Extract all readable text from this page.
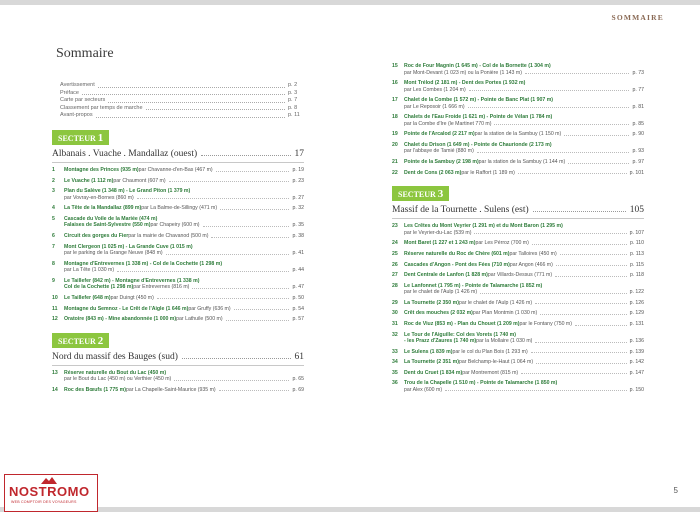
SOMMAIRE
Sommaire
Avertissement	p. 2
Préface	p. 3
Carte par secteurs	p. 7
Classement par temps de marche	p. 8
Avant-propos	p. 11
SECTEUR 1
Albanais . Vuache . Mandallaz (ouest)	17
1	Montagne des Princes (935 m) par Chavanne-d'en-Bas (467 m)	p. 19
2	Le Vuache (1 112 m) par Chaumont (607 m)	p. 23
3	Plan du Salève (1 348 m) - Le Grand Piton (1 379 m)
par Vovray-en-Bornes (860 m)	p. 27
4	La Tête de la Mandallaz (899 m) par La Balme-de-Sillingy (471 m)	p. 32
5	Cascade du Voile de la Mariée (474 m)
Falaises de Saint-Sylvestre (550 m) par Chapeiry (600 m)	p. 35
6	Circuit des gorges du Fier par la mairie de Chavanod (500 m)	p. 38
7	Mont Clergeon (1 025 m) - La Grande Cuve (1 015 m)
par le parking de la Grange Neuve (848 m)	p. 41
8	Montagne d'Entrevernes (1 338 m) - Col de la Cochette (1 298 m)
par La Tête (1 030 m)	p. 44
9	Le Taillefer (842 m) - Montagne d'Entrevernes (1 338 m)
Col de la Cochette (1 298 m) par Entrevernes (816 m)	p. 47
10	Le Taillefer (648 m) par Duingt (450 m)	p. 50
11	Montagne du Semnoz - Le Crêt de l'Aigle (1 646 m) par Gruffy (636 m)	p. 54
12	Oratoire (843 m) - Mine abandonnée (1 000 m) par Lathuile (500 m)	p. 57
SECTEUR 2
Nord du massif des Bauges (sud)	61
13	Réserve naturelle du Bout du Lac (450 m)
par le Bout du Lac (450 m) ou Verthier (450 m)	p. 65
14	Roc des Bœufs (1 775 m) par La Chapelle-Saint-Maurice (935 m)	p. 69
15	Roc de Four Magnin (1 645 m) - Col de la Bornette (1 304 m)
par Mont-Devant (1 023 m) ou la Ponière (1 143 m)	p. 73
16	Mont Trélod (2 181 m) - Dent des Portes (1 932 m)
par Les Combes (1 204 m)	p. 77
17	Chalet de la Combe (1 572 m) - Pointe de Banc Plat (1 907 m)
par Le Reposoir (1 666 m)	p. 81
18	Chalets de l'Eau Froide (1 621 m) - Pointe de Vélan (1 784 m)
par la Combe d'Ire (le Martinet 770 m)	p. 85
19	Pointe de l'Arcalod (2 217 m) par la station de la Sambuy (1 150 m)	p. 90
20	Chalet du Drison (1 649 m) - Pointe de Chaurionde (2 173 m)
par l'abbaye de Tamié (880 m)	p. 93
21	Pointe de la Sambuy (2 198 m) par la station de la Sambuy (1 144 m)	p. 97
22	Dent de Cons (2 063 m) par le Raffort (1 189 m)	p. 101
SECTEUR 3
Massif de la Tournette . Sulens (est)	105
23	Les Crêtes du Mont Veyrier (1 291 m) et du Mont Baron (1 295 m)
par le Veyrier-du-Lac (539 m)	p. 107
24	Mont Baret (1 227 et 1 243 m) par Les Pérroz (700 m)	p. 110
25	Réserve naturelle du Roc de Chère (601 m) par Talloires (450 m)	p. 113
26	Cascades d'Angon - Pont des Fées (710 m) par Angon (466 m)	p. 115
27	Dent Centrale de Lanfon (1 828 m) par Villards-Dessus (771 m)	p. 118
28	Le Lanfonnet (1 795 m) - Pointe de Talamarche (1 852 m)
par le chalet de l'Aulp (1 426 m)	p. 122
29	La Tournette (2 350 m) par le chalet de l'Aulp (1 426 m)	p. 126
30	Crêt des mouches (2 032 m) par Plan Montmin (1 030 m)	p. 129
31	Roc de Viuz (853 m) - Plan du Chouet (1 209 m) par le Fontany (750 m)	p. 131
32	Le Tour de l'Aiguille: Col des Vorets (1 740 m)
- les Prazz d'Zaures (1 740 m) par la Mollaire (1 030 m)	p. 136
33	Le Sulens (1 839 m) par le col du Plan Bois (1 293 m)	p. 139
34	La Tournette (2 351 m) par Belchamp-le-Haut (1 064 m)	p. 142
35	Dent du Cruet (1 834 m) par Montremont (815 m)	p. 147
36	Trou de la Chapelle (1 510 m) - Pointe de Talamarche (1 850 m)
par Alex (600 m)	p. 150
5
NOSTROMO
WEB COMPTOIR DES VOYAGEURS
